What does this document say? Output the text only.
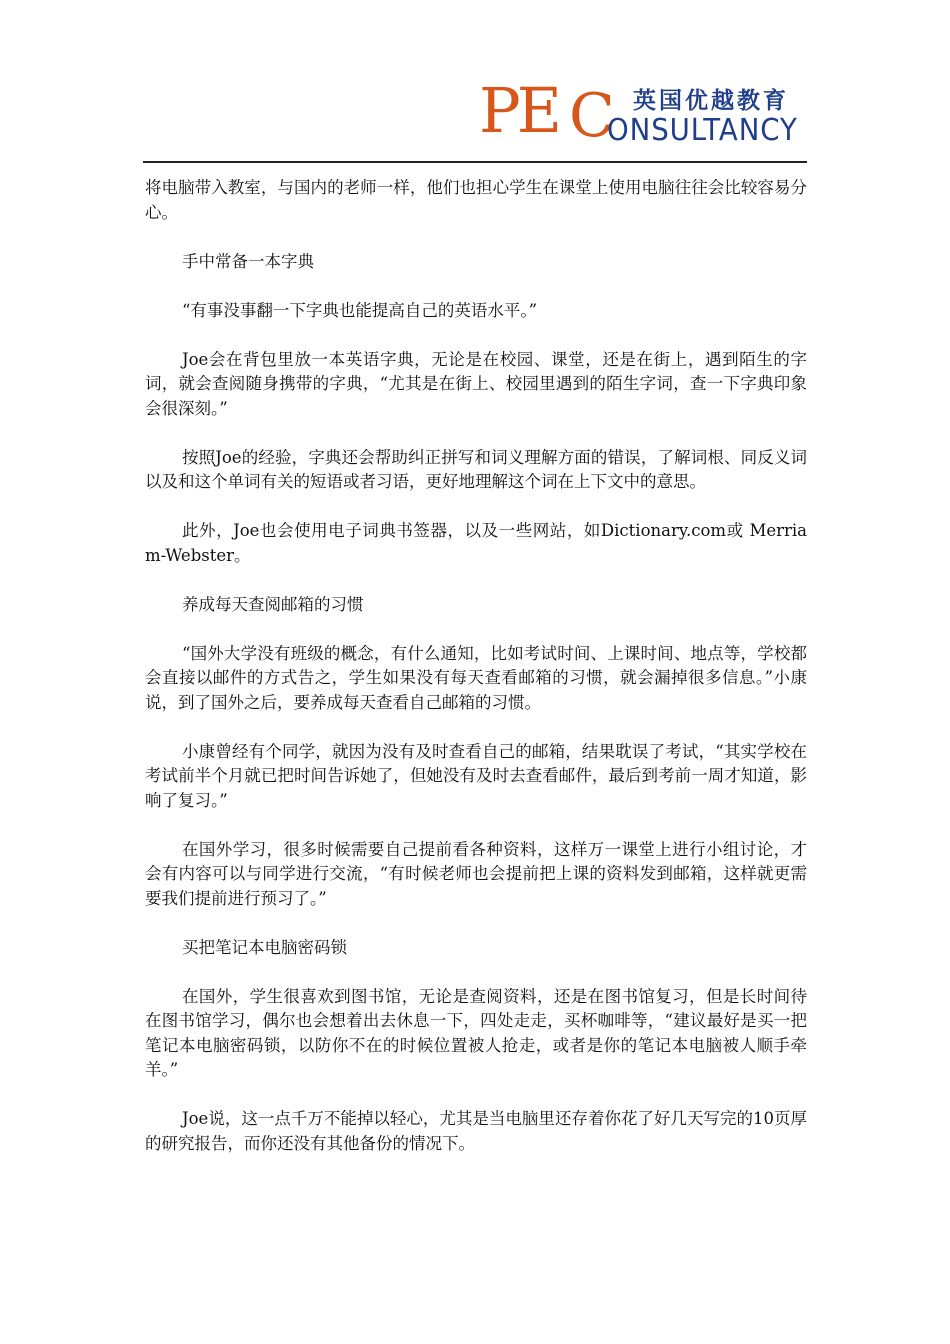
英国优越教育
PE C
ONSULTANCY

将电脑带入教室，与国内的老师一样，他们也担心学生在课堂上使用电脑往往会比较容易分心。

手中常备一本字典

“有事没事翻一下字典也能提高自己的英语水平。”

Joe会在背包里放一本英语字典，无论是在校园、课堂，还是在街上，遇到陌生的字词，就会查阅随身携带的字典，“尤其是在街上、校园里遇到的陌生字词，查一下字典印象会很深刻。”

按照Joe的经验，字典还会帮助纠正拼写和词义理解方面的错误，了解词根、同反义词以及和这个单词有关的短语或者习语，更好地理解这个词在上下文中的意思。

此外，Joe也会使用电子词典书签器，以及一些网站，如Dictionary.com或 Merriam-Webster。

养成每天查阅邮箱的习惯

“国外大学没有班级的概念，有什么通知，比如考试时间、上课时间、地点等，学校都会直接以邮件的方式告之，学生如果没有每天查看邮箱的习惯，就会漏掉很多信息。”小康说，到了国外之后，要养成每天查看自己邮箱的习惯。

小康曾经有个同学，就因为没有及时查看自己的邮箱，结果耽误了考试，“其实学校在考试前半个月就已把时间告诉她了，但她没有及时去查看邮件，最后到考前一周才知道，影响了复习。”

在国外学习，很多时候需要自己提前看各种资料，这样万一课堂上进行小组讨论，才会有内容可以与同学进行交流，“有时候老师也会提前把上课的资料发到邮箱，这样就更需要我们提前进行预习了。”

买把笔记本电脑密码锁

在国外，学生很喜欢到图书馆，无论是查阅资料，还是在图书馆复习，但是长时间待在图书馆学习，偶尔也会想着出去休息一下，四处走走，买杯咖啡等，“建议最好是买一把笔记本电脑密码锁，以防你不在的时候位置被人抢走，或者是你的笔记本电脑被人顺手牵羊。”

Joe说，这一点千万不能掉以轻心，尤其是当电脑里还存着你花了好几天写完的10页厚的研究报告，而你还没有其他备份的情况下。
